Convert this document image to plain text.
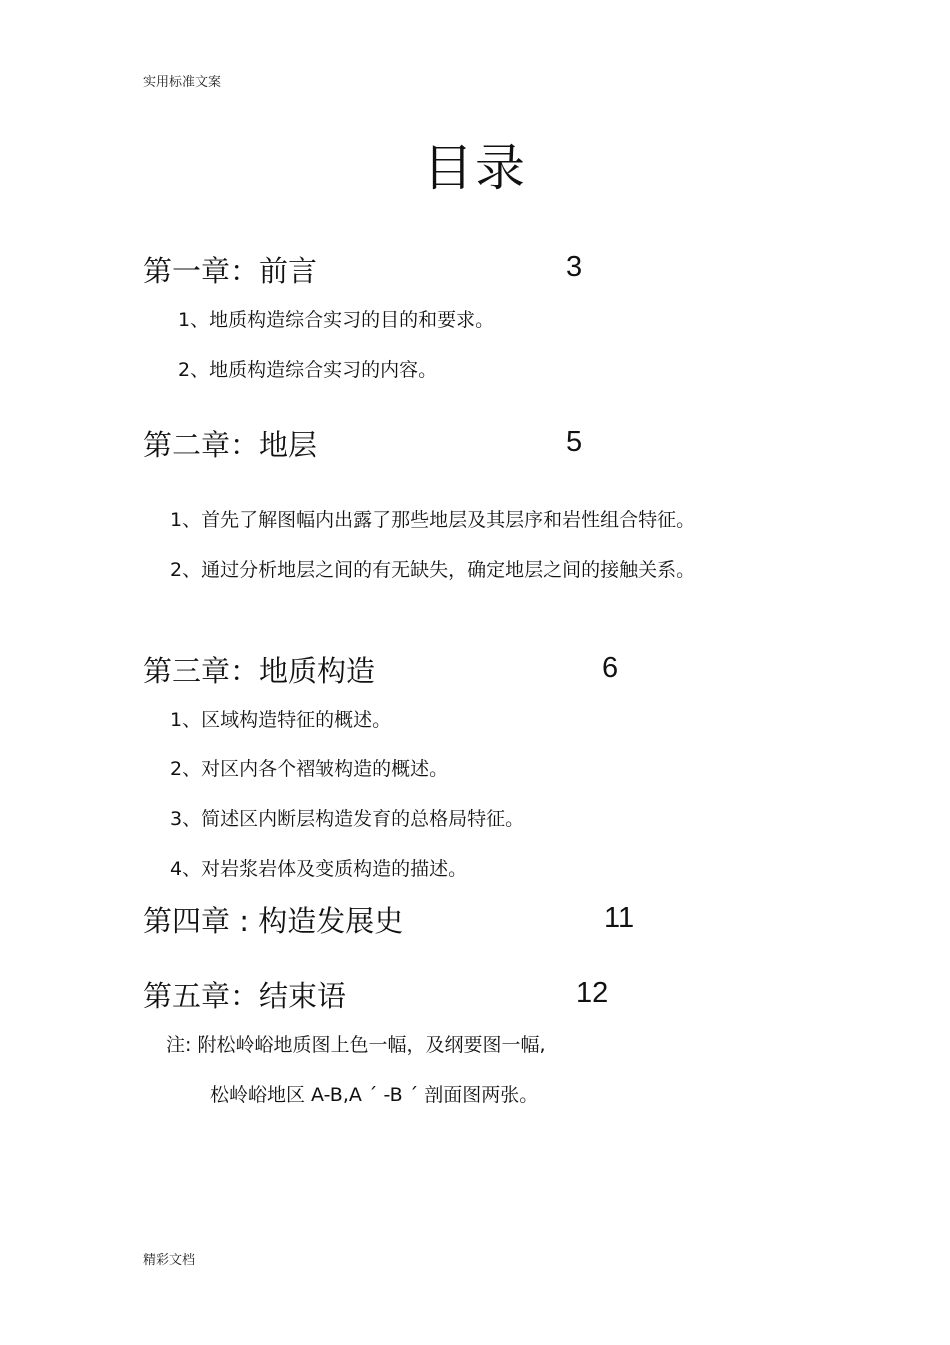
实用标准文案
目录
第一章：前言	3
1、地质构造综合实习的目的和要求。
2、地质构造综合实习的内容。
第二章：地层	5
1、首先了解图幅内出露了那些地层及其层序和岩性组合特征。
2、通过分析地层之间的有无缺失，确定地层之间的接触关系。
第三章：地质构造	6
1、区域构造特征的概述。
2、对区内各个褶皱构造的概述。
3、简述区内断层构造发育的总格局特征。
4、对岩浆岩体及变质构造的描述。
第四章 : 构造发展史	11
第五章：结束语	12
注: 附松岭峪地质图上色一幅，及纲要图一幅,
松岭峪地区 A-B,A ˊ -B ˊ 剖面图两张。
精彩文档
